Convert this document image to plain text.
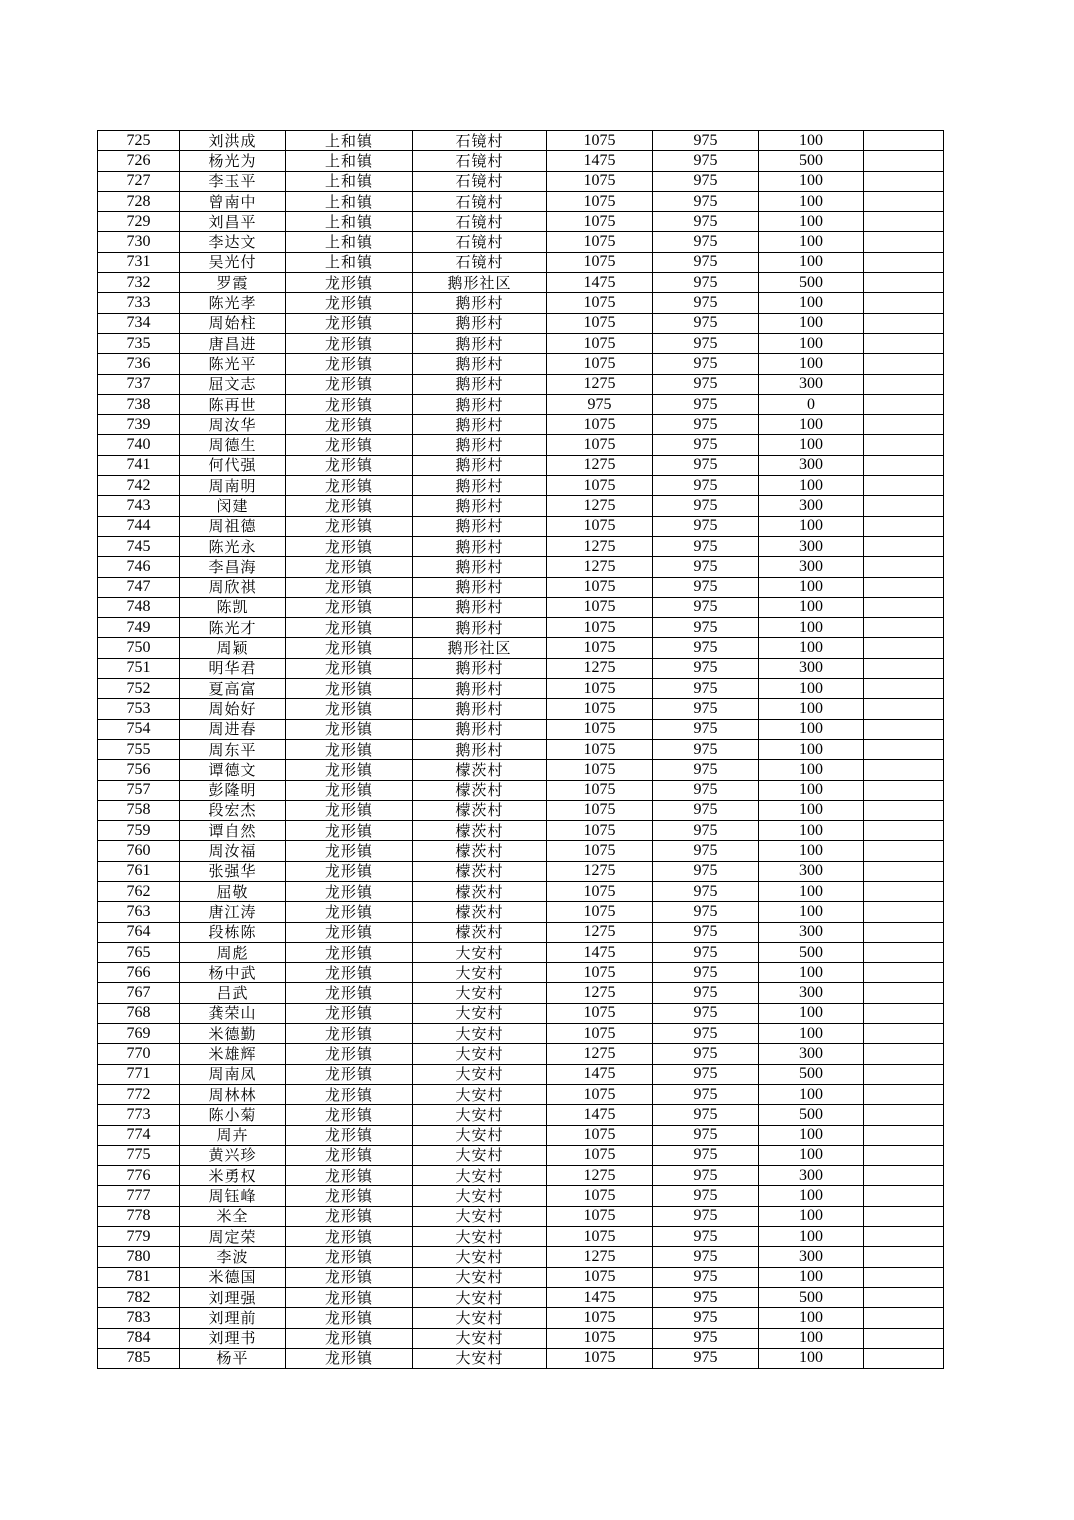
725	刘洪成	上和镇	石镜村	1075	975	100	
726	杨光为	上和镇	石镜村	1475	975	500	
727	李玉平	上和镇	石镜村	1075	975	100	
728	曾南中	上和镇	石镜村	1075	975	100	
729	刘昌平	上和镇	石镜村	1075	975	100	
730	李达文	上和镇	石镜村	1075	975	100	
731	吴光付	上和镇	石镜村	1075	975	100	
732	罗霞	龙形镇	鹅形社区	1475	975	500	
733	陈光孝	龙形镇	鹅形村	1075	975	100	
734	周始柱	龙形镇	鹅形村	1075	975	100	
735	唐昌进	龙形镇	鹅形村	1075	975	100	
736	陈光平	龙形镇	鹅形村	1075	975	100	
737	屈文志	龙形镇	鹅形村	1275	975	300	
738	陈再世	龙形镇	鹅形村	975	975	0	
739	周汝华	龙形镇	鹅形村	1075	975	100	
740	周德生	龙形镇	鹅形村	1075	975	100	
741	何代强	龙形镇	鹅形村	1275	975	300	
742	周南明	龙形镇	鹅形村	1075	975	100	
743	闵建	龙形镇	鹅形村	1275	975	300	
744	周祖德	龙形镇	鹅形村	1075	975	100	
745	陈光永	龙形镇	鹅形村	1275	975	300	
746	李昌海	龙形镇	鹅形村	1275	975	300	
747	周欣祺	龙形镇	鹅形村	1075	975	100	
748	陈凯	龙形镇	鹅形村	1075	975	100	
749	陈光才	龙形镇	鹅形村	1075	975	100	
750	周颖	龙形镇	鹅形社区	1075	975	100	
751	明华君	龙形镇	鹅形村	1275	975	300	
752	夏高富	龙形镇	鹅形村	1075	975	100	
753	周始好	龙形镇	鹅形村	1075	975	100	
754	周进春	龙形镇	鹅形村	1075	975	100	
755	周东平	龙形镇	鹅形村	1075	975	100	
756	谭德文	龙形镇	檬茨村	1075	975	100	
757	彭隆明	龙形镇	檬茨村	1075	975	100	
758	段宏杰	龙形镇	檬茨村	1075	975	100	
759	谭自然	龙形镇	檬茨村	1075	975	100	
760	周汝福	龙形镇	檬茨村	1075	975	100	
761	张强华	龙形镇	檬茨村	1275	975	300	
762	屈敬	龙形镇	檬茨村	1075	975	100	
763	唐江涛	龙形镇	檬茨村	1075	975	100	
764	段栋陈	龙形镇	檬茨村	1275	975	300	
765	周彪	龙形镇	大安村	1475	975	500	
766	杨中武	龙形镇	大安村	1075	975	100	
767	吕武	龙形镇	大安村	1275	975	300	
768	龚荣山	龙形镇	大安村	1075	975	100	
769	米德勤	龙形镇	大安村	1075	975	100	
770	米雄辉	龙形镇	大安村	1275	975	300	
771	周南凤	龙形镇	大安村	1475	975	500	
772	周林林	龙形镇	大安村	1075	975	100	
773	陈小菊	龙形镇	大安村	1475	975	500	
774	周卉	龙形镇	大安村	1075	975	100	
775	黄兴珍	龙形镇	大安村	1075	975	100	
776	米勇权	龙形镇	大安村	1275	975	300	
777	周钰峰	龙形镇	大安村	1075	975	100	
778	米全	龙形镇	大安村	1075	975	100	
779	周定荣	龙形镇	大安村	1075	975	100	
780	李波	龙形镇	大安村	1275	975	300	
781	米德国	龙形镇	大安村	1075	975	100	
782	刘理强	龙形镇	大安村	1475	975	500	
783	刘理前	龙形镇	大安村	1075	975	100	
784	刘理书	龙形镇	大安村	1075	975	100	
785	杨平	龙形镇	大安村	1075	975	100	
